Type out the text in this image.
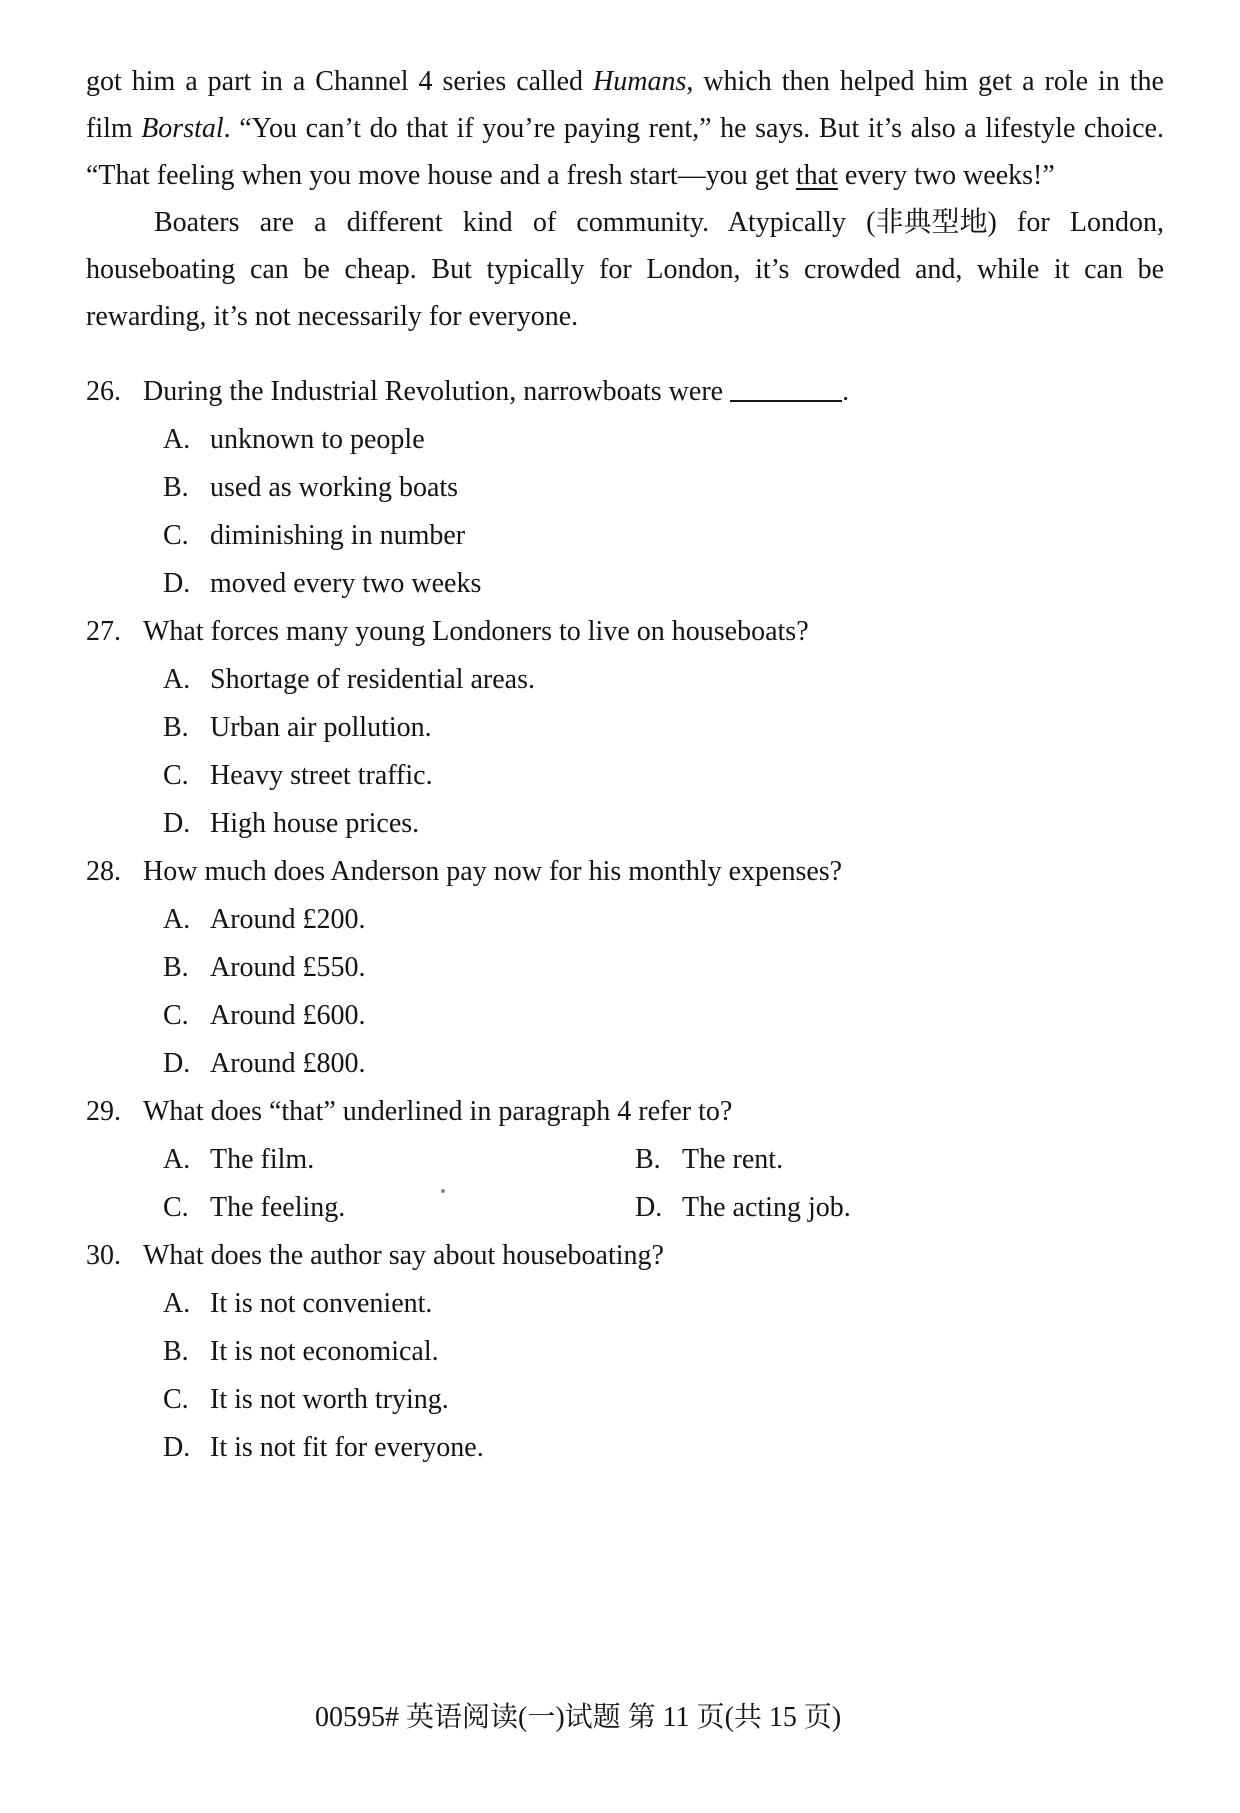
got him a part in a Channel 4 series called Humans, which then helped him get a role in the
film Borstal. “You can’t do that if you’re paying rent,” he says. But it’s also a lifestyle choice.
“That feeling when you move house and a fresh start—you get that every two weeks!”
Boaters are a different kind of community. Atypically (非典型地) for London,
houseboating can be cheap. But typically for London, it’s crowded and, while it can be
rewarding, it’s not necessarily for everyone.
26. During the Industrial Revolution, narrowboats were	.
A. unknown to people
B. used as working boats
C. diminishing in number
D. moved every two weeks
27. What forces many young Londoners to live on houseboats?
A. Shortage of residential areas.
B. Urban air pollution.
C. Heavy street traffic.
D. High house prices.
28. How much does Anderson pay now for his monthly expenses?
A. Around £200.
B. Around £550.
C. Around £600.
D. Around £800.
29. What does “that” underlined in paragraph 4 refer to?
A. The film.	B. The rent.
C. The feeling.	D. The acting job.
30. What does the author say about houseboating?
A. It is not convenient.
B. It is not economical.
C. It is not worth trying.
D. It is not fit for everyone.
00595# 英语阅读(一)试题 第 11 页(共 15 页)
